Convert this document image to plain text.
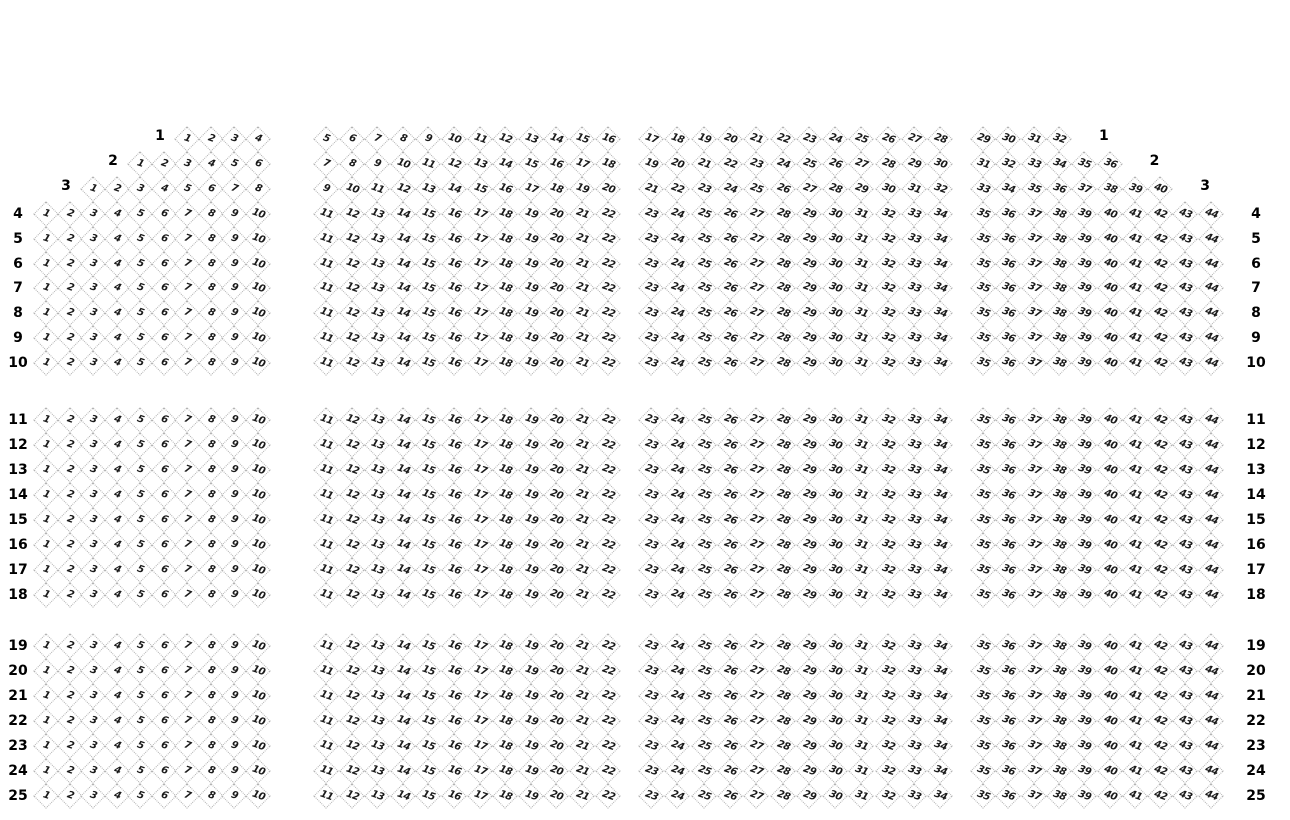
1 2 3 4	5 6 7 8 9 10 11 12 13 14 15 16	17 18 19 20 21 22 23 24 25 26 27 28	29 30 31 32
1	1
1 2 3 4 5 6	7 8 9 10 11 12 13 14 15 16 17 18	19 20 21 22 23 24 25 26 27 28 29 30	31 32 33 34 35 36
2	2
1 2 3 4 5 6 7 8	9 10 11 12 13 14 15 16 17 18 19 20	21 22 23 24 25 26 27 28 29 30 31 32	33 34 35 36 37 38 39 40
3	3
1 2 3 4 5 6 7 8 9 10	11 12 13 14 15 16 17 18 19 20 21 22	23 24 25 26 27 28 29 30 31 32 33 34	35 36 37 38 39 40 41 42 43 44
4	4
1 2 3 4 5 6 7 8 9 10	11 12 13 14 15 16 17 18 19 20 21 22	23 24 25 26 27 28 29 30 31 32 33 34	35 36 37 38 39 40 41 42 43 44
5	5
1 2 3 4 5 6 7 8 9 10	11 12 13 14 15 16 17 18 19 20 21 22	23 24 25 26 27 28 29 30 31 32 33 34	35 36 37 38 39 40 41 42 43 44
6	6
1 2 3 4 5 6 7 8 9 10	11 12 13 14 15 16 17 18 19 20 21 22	23 24 25 26 27 28 29 30 31 32 33 34	35 36 37 38 39 40 41 42 43 44
7	7
1 2 3 4 5 6 7 8 9 10	11 12 13 14 15 16 17 18 19 20 21 22	23 24 25 26 27 28 29 30 31 32 33 34	35 36 37 38 39 40 41 42 43 44
8	8
1 2 3 4 5 6 7 8 9 10	11 12 13 14 15 16 17 18 19 20 21 22	23 24 25 26 27 28 29 30 31 32 33 34	35 36 37 38 39 40 41 42 43 44
9	9
1 2 3 4 5 6 7 8 9 10	11 12 13 14 15 16 17 18 19 20 21 22	23 24 25 26 27 28 29 30 31 32 33 34	35 36 37 38 39 40 41 42 43 44
10	10
1 2 3 4 5 6 7 8 9 10	11 12 13 14 15 16 17 18 19 20 21 22	23 24 25 26 27 28 29 30 31 32 33 34	35 36 37 38 39 40 41 42 43 44
11	11
1 2 3 4 5 6 7 8 9 10	11 12 13 14 15 16 17 18 19 20 21 22	23 24 25 26 27 28 29 30 31 32 33 34	35 36 37 38 39 40 41 42 43 44
12	12
1 2 3 4 5 6 7 8 9 10	11 12 13 14 15 16 17 18 19 20 21 22	23 24 25 26 27 28 29 30 31 32 33 34	35 36 37 38 39 40 41 42 43 44
13	13
1 2 3 4 5 6 7 8 9 10	11 12 13 14 15 16 17 18 19 20 21 22	23 24 25 26 27 28 29 30 31 32 33 34	35 36 37 38 39 40 41 42 43 44
14	14
1 2 3 4 5 6 7 8 9 10	11 12 13 14 15 16 17 18 19 20 21 22	23 24 25 26 27 28 29 30 31 32 33 34	35 36 37 38 39 40 41 42 43 44
15	15
1 2 3 4 5 6 7 8 9 10	11 12 13 14 15 16 17 18 19 20 21 22	23 24 25 26 27 28 29 30 31 32 33 34	35 36 37 38 39 40 41 42 43 44
16	16
1 2 3 4 5 6 7 8 9 10	11 12 13 14 15 16 17 18 19 20 21 22	23 24 25 26 27 28 29 30 31 32 33 34	35 36 37 38 39 40 41 42 43 44
17	17
1 2 3 4 5 6 7 8 9 10	11 12 13 14 15 16 17 18 19 20 21 22	23 24 25 26 27 28 29 30 31 32 33 34	35 36 37 38 39 40 41 42 43 44
18	18
1 2 3 4 5 6 7 8 9 10	11 12 13 14 15 16 17 18 19 20 21 22	23 24 25 26 27 28 29 30 31 32 33 34	35 36 37 38 39 40 41 42 43 44
19	19
1 2 3 4 5 6 7 8 9 10	11 12 13 14 15 16 17 18 19 20 21 22	23 24 25 26 27 28 29 30 31 32 33 34	35 36 37 38 39 40 41 42 43 44
20	20
1 2 3 4 5 6 7 8 9 10	11 12 13 14 15 16 17 18 19 20 21 22	23 24 25 26 27 28 29 30 31 32 33 34	35 36 37 38 39 40 41 42 43 44
21	21
1 2 3 4 5 6 7 8 9 10	11 12 13 14 15 16 17 18 19 20 21 22	23 24 25 26 27 28 29 30 31 32 33 34	35 36 37 38 39 40 41 42 43 44
22	22
1 2 3 4 5 6 7 8 9 10	11 12 13 14 15 16 17 18 19 20 21 22	23 24 25 26 27 28 29 30 31 32 33 34	35 36 37 38 39 40 41 42 43 44
23	23
1 2 3 4 5 6 7 8 9 10	11 12 13 14 15 16 17 18 19 20 21 22	23 24 25 26 27 28 29 30 31 32 33 34	35 36 37 38 39 40 41 42 43 44
24	24
1 2 3 4 5 6 7 8 9 10	11 12 13 14 15 16 17 18 19 20 21 22	23 24 25 26 27 28 29 30 31 32 33 34	35 36 37 38 39 40 41 42 43 44
25	25
